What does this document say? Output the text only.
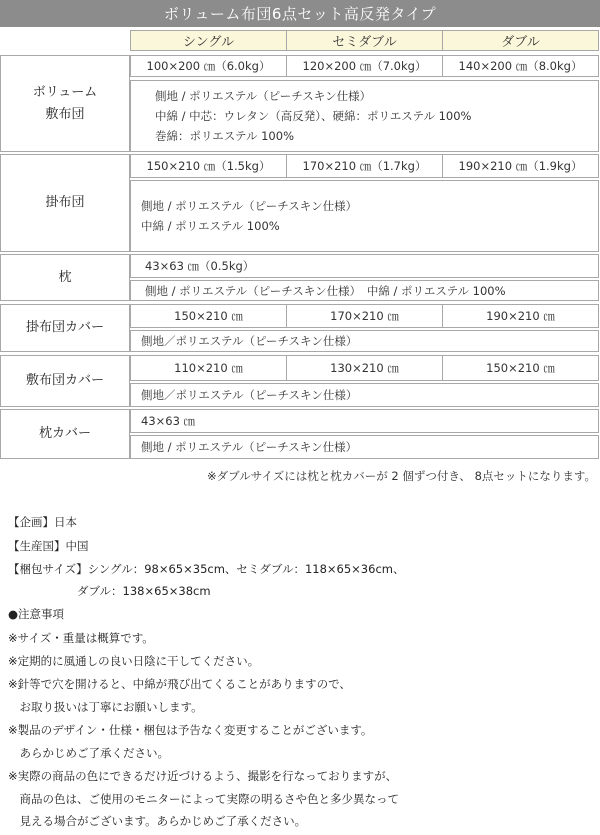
ボリューム布団6点セット高反発タイプ
シングル	セミダブル	ダブル
ボリューム
敷布団
100×200 ㎝（6.0kg）	120×200 ㎝（7.0kg）	140×200 ㎝（8.0kg）
側地 / ポリエステル（ピーチスキン仕様）
中綿 / 中芯：ウレタン（高反発）、硬綿：ポリエステル 100%
巻綿：ポリエステル 100%
掛布団
150×210 ㎝（1.5kg）	170×210 ㎝（1.7kg）	190×210 ㎝（1.9kg）
側地 / ポリエステル（ピーチスキン仕様）
中綿 / ポリエステル 100%
枕
43×63 ㎝（0.5kg）
側地 / ポリエステル（ピーチスキン仕様）　中綿 / ポリエステル 100%
掛布団カバー
150×210 ㎝	170×210 ㎝	190×210 ㎝
側地／ポリエステル（ピーチスキン仕様）
敷布団カバー
110×210 ㎝	130×210 ㎝	150×210 ㎝
側地／ポリエステル（ピーチスキン仕様）
枕カバー
43×63 ㎝
側地 / ポリエステル（ピーチスキン仕様）
※ダブルサイズには枕と枕カバーが 2 個ずつ付き、 8点セットになります。
【企画】日本
【生産国】中国
【梱包サイズ】シングル：98×65×35cm、セミダブル：118×65×36cm、
　　　　　　ダブル：138×65×38cm
●注意事項
※サイズ・重量は概算です。
※定期的に風通しの良い日陰に干してください。
※針等で穴を開けると、中綿が飛び出てくることがありますので、
　お取り扱いは丁寧にお願いします。
※製品のデザイン・仕様・梱包は予告なく変更することがございます。
　あらかじめご了承ください。
※実際の商品の色にできるだけ近づけるよう、撮影を行なっておりますが、
　商品の色は、ご使用のモニターによって実際の明るさや色と多少異なって
　見える場合がございます。あらかじめご了承ください。
